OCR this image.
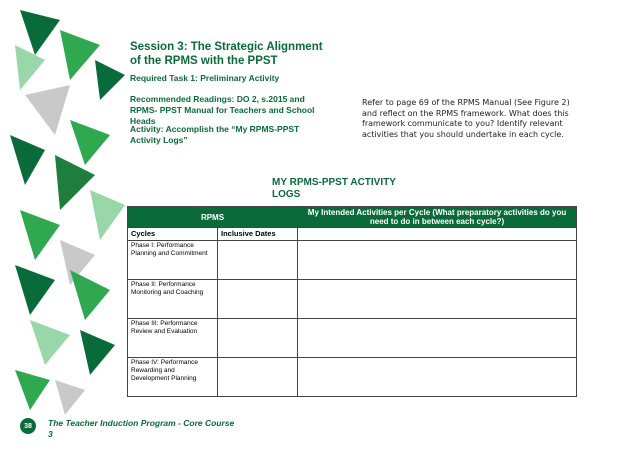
Session 3: The Strategic Alignment of the RPMS with the PPST
Required Task 1: Preliminary Activity
Recommended Readings: DO 2, s.2015 and RPMS- PPST Manual for Teachers and School Heads
Activity: Accomplish the “My RPMS-PPST Activity Logs”
Refer to page 69 of the RPMS Manual (See Figure 2) and reflect on the RPMS framework. What does this framework communicate to you? Identify relevant activities that you should undertake in each cycle.
MY RPMS-PPST ACTIVITY LOGS
RPMS		My Intended Activities per Cycle (What preparatory activities do you need to do in between each cycle?)
Cycles	Inclusive Dates	
Phase I: Performance Planning and Commitment		
Phase II: Performance Monitoring and Coaching		
Phase III: Performance Review and Evaluation		
Phase IV: Performance Rewarding and Development Planning		
38	The Teacher Induction Program - Core Course 3
